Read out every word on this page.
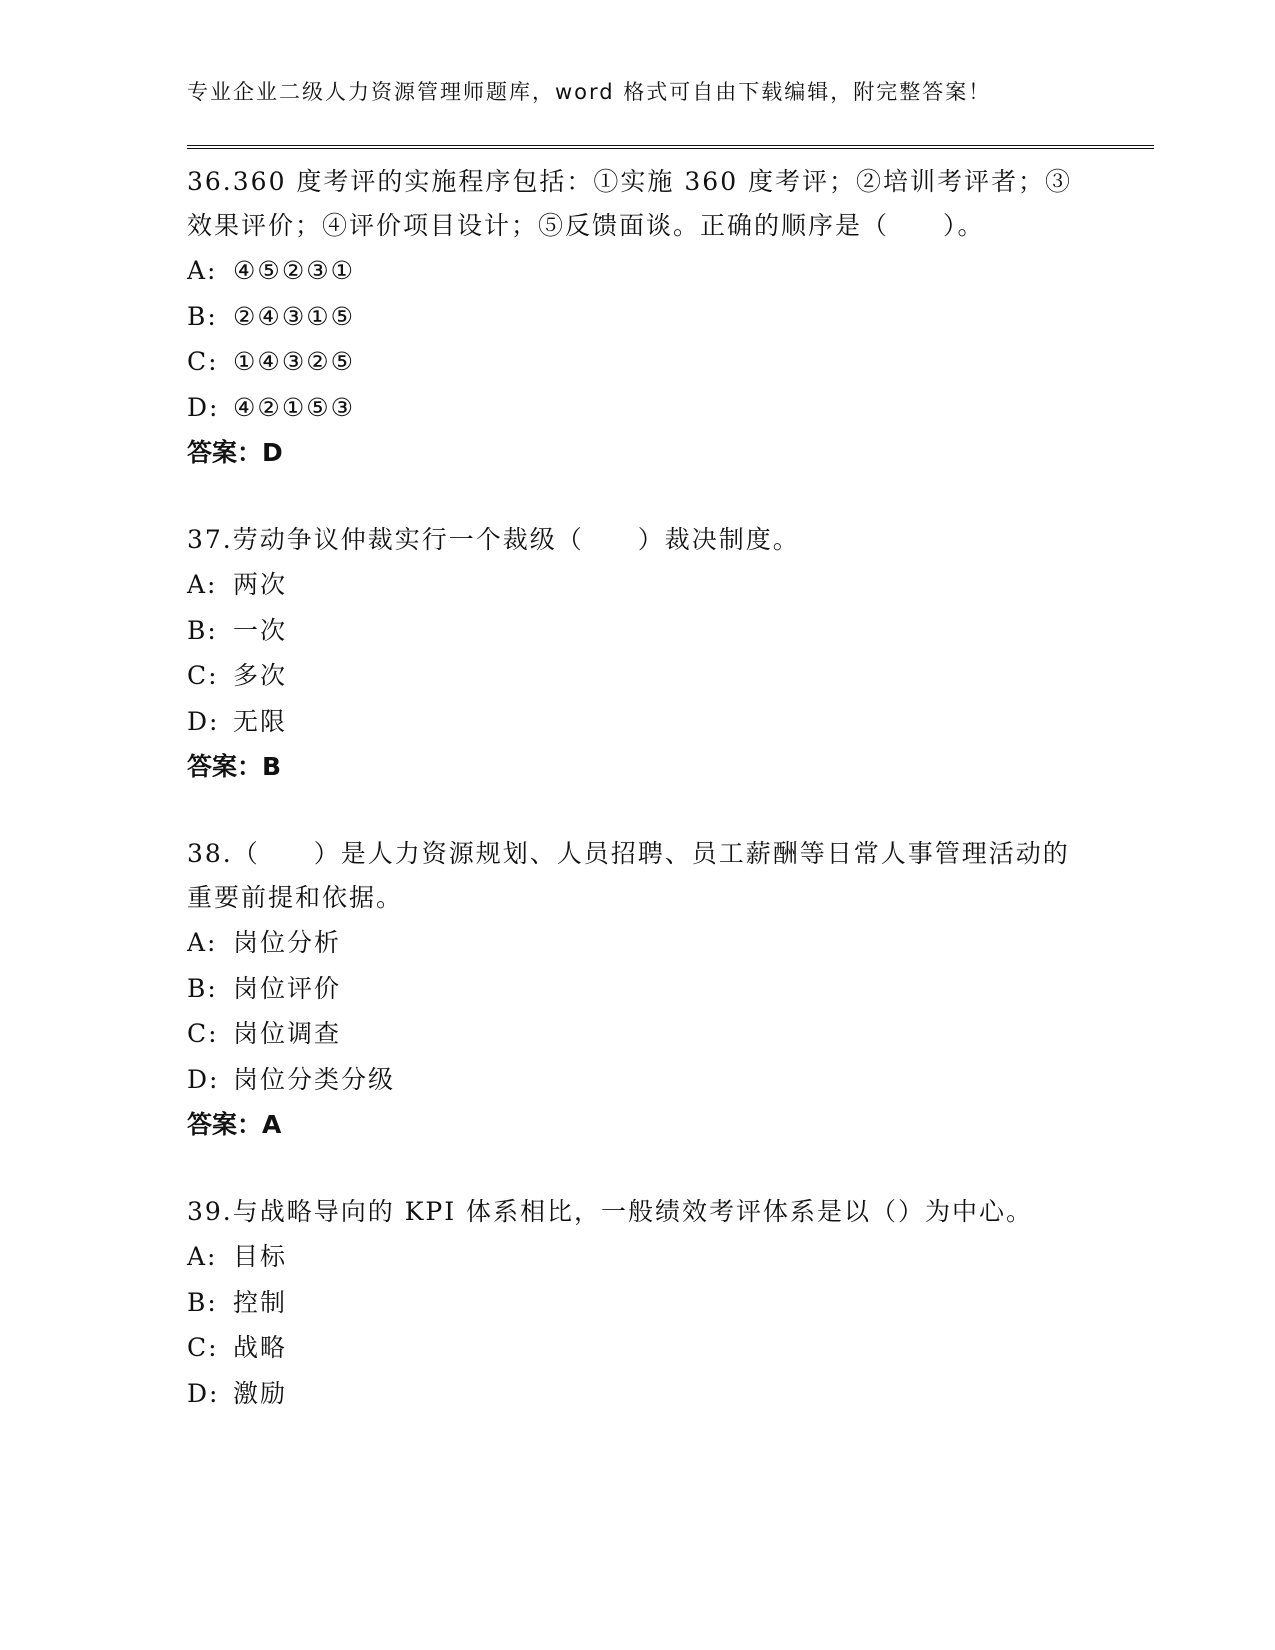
专业企业二级人力资源管理师题库，word 格式可自由下载编辑，附完整答案！

36.360 度考评的实施程序包括：①实施 360 度考评；②培训考评者；③效果评价；④评价项目设计；⑤反馈面谈。正确的顺序是（　　）。

A: ④⑤②③①

B: ②④③①⑤

C: ①④③②⑤

D: ④②①⑤③

答案：D

37.劳动争议仲裁实行一个裁级（　　）裁决制度。

A: 两次

B: 一次

C: 多次

D: 无限

答案：B

38.（　　）是人力资源规划、人员招聘、员工薪酬等日常人事管理活动的重要前提和依据。

A: 岗位分析

B: 岗位评价

C: 岗位调查

D: 岗位分类分级

答案：A

39.与战略导向的 KPI 体系相比，一般绩效考评体系是以（）为中心。

A: 目标

B: 控制

C: 战略

D: 激励
